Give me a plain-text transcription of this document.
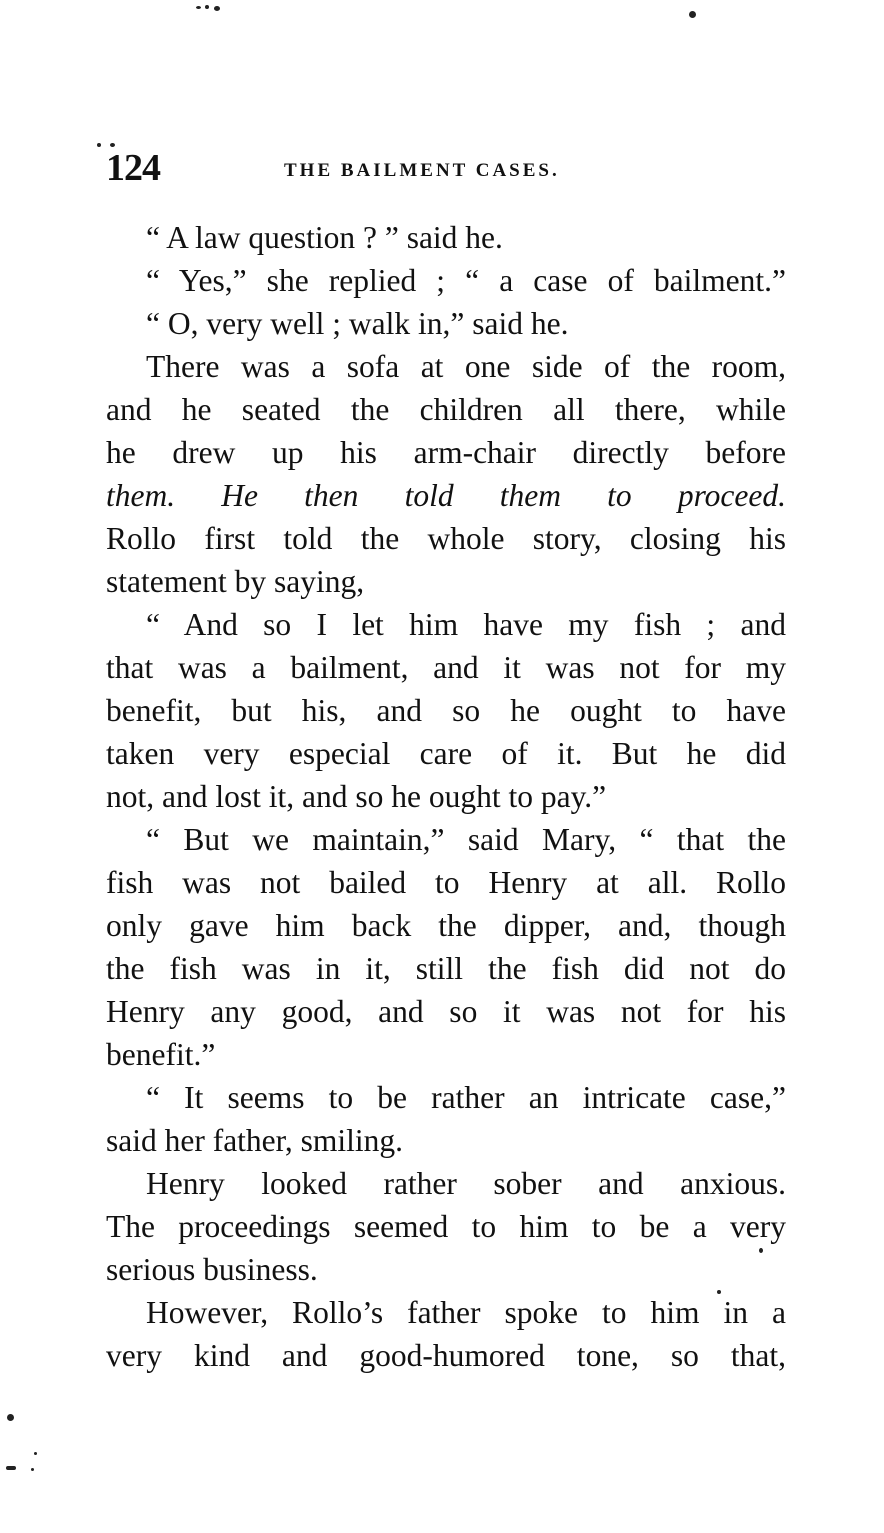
124	THE BAILMENT CASES.

“ A law question ? ” said he.

“ Yes,” she replied ; “ a case of bailment.”

“ O, very well ; walk in,” said he.

There was a sofa at one side of the room,
and he seated the children all there, while
he drew up his arm-chair directly before
them. He then told them to proceed.
Rollo first told the whole story, closing his
statement by saying,

“ And so I let him have my fish ; and
that was a bailment, and it was not for my
benefit, but his, and so he ought to have
taken very especial care of it. But he did
not, and lost it, and so he ought to pay.”

“ But we maintain,” said Mary, “ that the
fish was not bailed to Henry at all. Rollo
only gave him back the dipper, and, though
the fish was in it, still the fish did not do
Henry any good, and so it was not for his
benefit.”

“ It seems to be rather an intricate case,”
said her father, smiling.

Henry looked rather sober and anxious.
The proceedings seemed to him to be a very
serious business.

However, Rollo’s father spoke to him in a
very kind and good-humored tone, so that,
